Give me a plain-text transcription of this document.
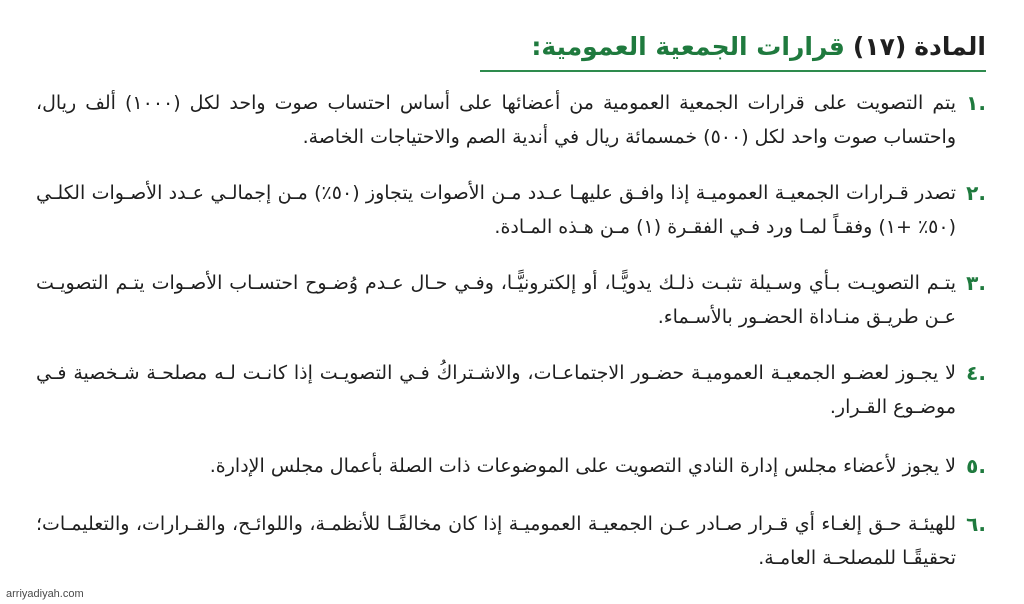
المادة
(١٧)
قرارات الجمعية العمومية:
.١
يتم التصويت على قرارات الجمعية العمومية من أعضائها على أساس احتساب صوت واحد لكل (١٠٠٠) ألف ريال، واحتساب صوت واحد لكل (٥٠٠) خمسمائة ريال في أندية الصم والاحتياجات الخاصة.
.٢
تصدر قـرارات الجمعيـة العموميـة إذا وافـق عليهـا عـدد مـن الأصوات يتجاوز (٥٠٪) مـن إجمالـي عـدد الأصـوات الكلـي (٥٠٪ +١) وفقـاً لمـا ورد فـي الفقـرة (١) مـن هـذه المـادة.
.٣
يتـم التصويـت بـأي وسـيلة تثبـت ذلـك يدويًّـا، أو إلكترونيًّـا، وفـي حـال عـدم وُضـوح احتسـاب الأصـوات يتـم التصويـت عـن طريـق منـاداة الحضـور بالأسـماء.
.٤
لا يجـوز لعضـو الجمعيـة العموميـة حضـور الاجتماعـات، والاشـتراكُ فـي التصويـت إذا كانـت لـه مصلحـة شـخصية فـي موضـوع القـرار.
.٥
لا يجوز لأعضاء مجلس إدارة النادي التصويت على الموضوعات ذات الصلة بأعمال مجلس الإدارة.
.٦
للهيئـة حـق إلغـاء أي قـرار صـادر عـن الجمعيـة العموميـة إذا كان مخالفًـا للأنظمـة، واللوائـح، والقـرارات، والتعليمـات؛ تحقيقًـا للمصلحـة العامـة.
arriyadiyah.com
